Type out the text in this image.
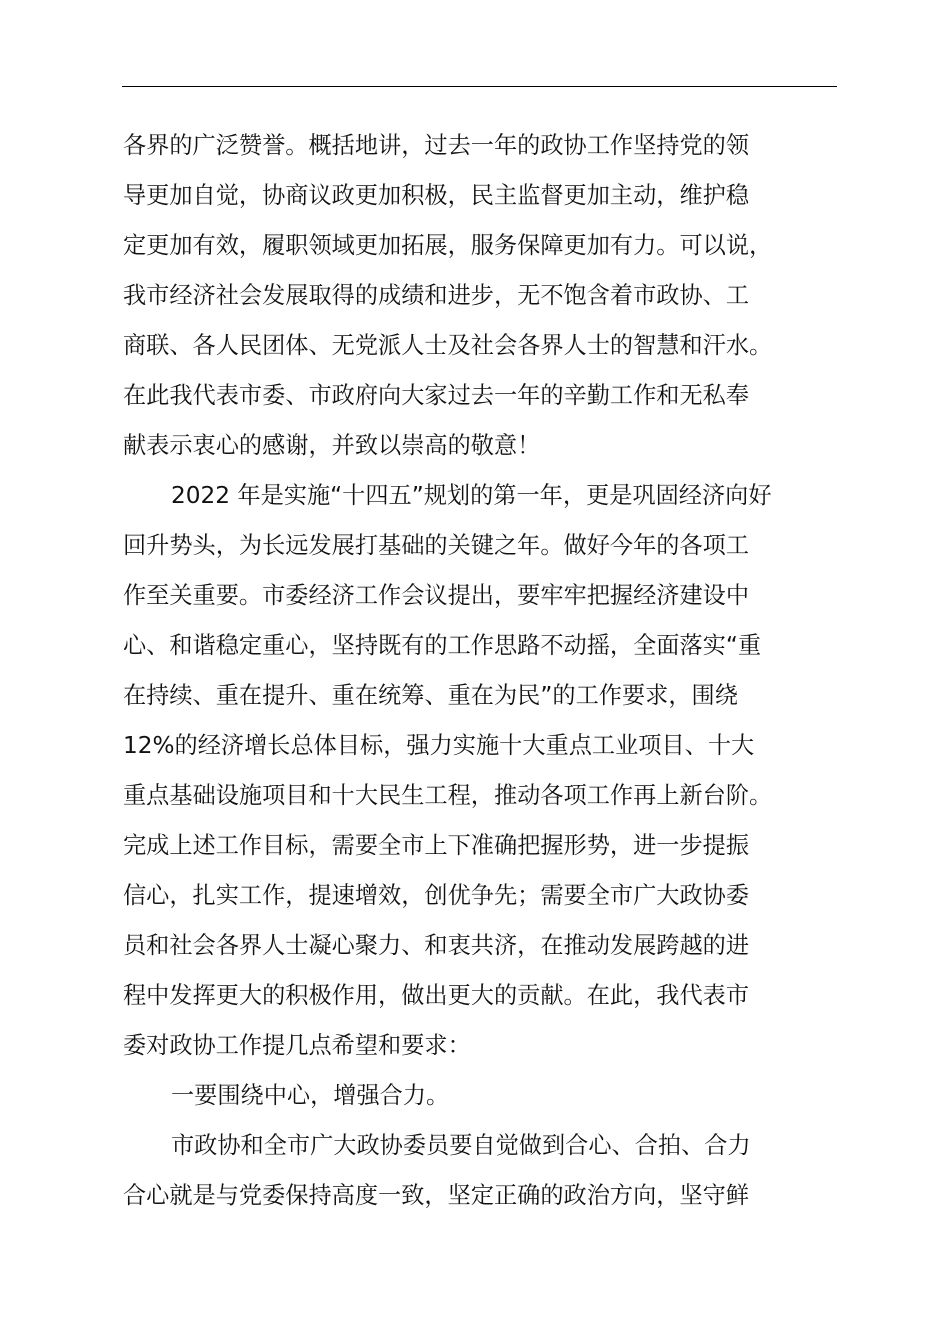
各界的广泛赞誉。概括地讲，过去一年的政协工作坚持党的领
导更加自觉，协商议政更加积极，民主监督更加主动，维护稳
定更加有效，履职领域更加拓展，服务保障更加有力。可以说，
我市经济社会发展取得的成绩和进步，无不饱含着市政协、工
商联、各人民团体、无党派人士及社会各界人士的智慧和汗水。
在此我代表市委、市政府向大家过去一年的辛勤工作和无私奉
献表示衷心的感谢，并致以崇高的敬意！
2022 年是实施“十四五”规划的第一年，更是巩固经济向好
回升势头，为长远发展打基础的关键之年。做好今年的各项工
作至关重要。市委经济工作会议提出，要牢牢把握经济建设中
心、和谐稳定重心，坚持既有的工作思路不动摇，全面落实“重
在持续、重在提升、重在统筹、重在为民”的工作要求，围绕
12%的经济增长总体目标，强力实施十大重点工业项目、十大
重点基础设施项目和十大民生工程，推动各项工作再上新台阶。
完成上述工作目标，需要全市上下准确把握形势，进一步提振
信心，扎实工作，提速增效，创优争先；需要全市广大政协委
员和社会各界人士凝心聚力、和衷共济，在推动发展跨越的进
程中发挥更大的积极作用，做出更大的贡献。在此，我代表市
委对政协工作提几点希望和要求：
一要围绕中心，增强合力。
市政协和全市广大政协委员要自觉做到合心、合拍、合力
合心就是与党委保持高度一致，坚定正确的政治方向，坚守鲜
